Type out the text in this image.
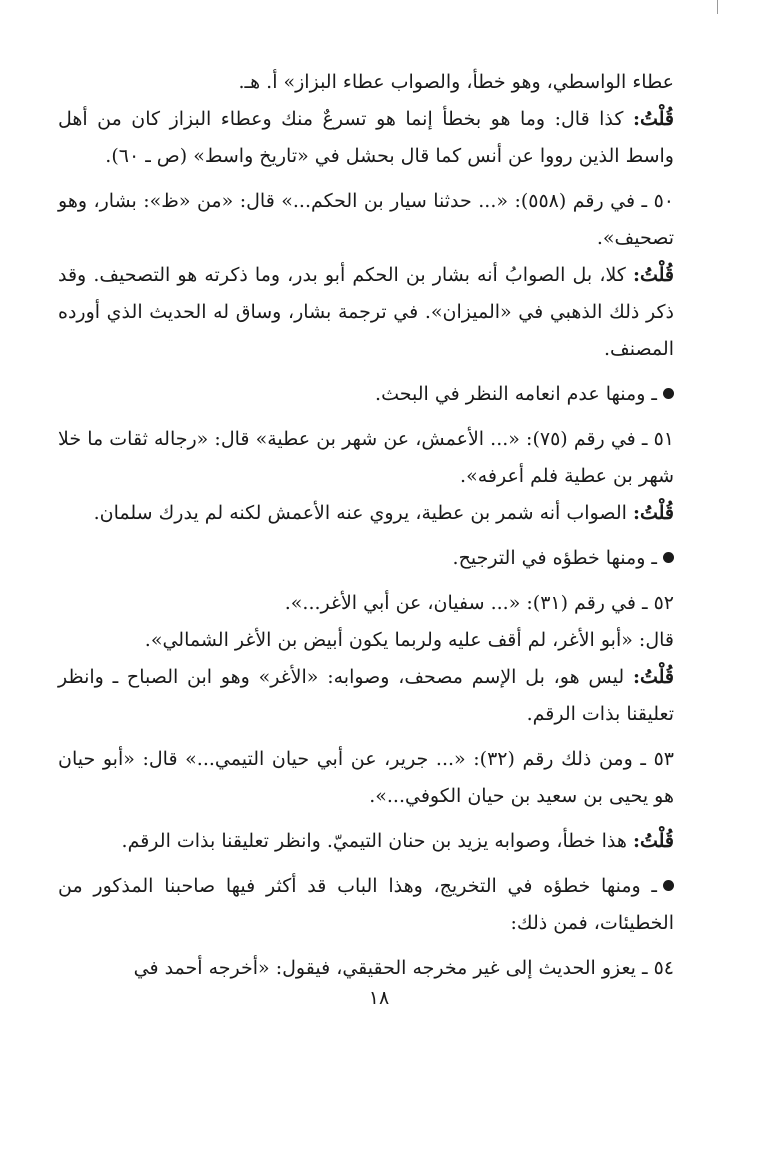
عطاء الواسطي، وهو خطأ، والصواب عطاء البزاز» أ. هـ.

قُلْتُ: كذا قال: وما هو بخطأ إنما هو تسرعٌ منك وعطاء البزاز كان من أهل واسط الذين رووا عن أنس كما قال بحشل في «تاريخ واسط» (ص ـ ٦٠).

٥٠ ـ في رقم (٥٥٨): «... حدثنا سيار بن الحكم...» قال: «من «ظ»: بشار، وهو تصحيف».

قُلْتُ: كلا، بل الصوابُ أنه بشار بن الحكم أبو بدر، وما ذكرته هو التصحيف. وقد ذكر ذلك الذهبي في «الميزان». في ترجمة بشار، وساق له الحديث الذي أورده المصنف.

ـ ومنها عدم انعامه النظر في البحث.

٥١ ـ في رقم (٧٥): «... الأعمش، عن شهر بن عطية» قال: «رجاله ثقات ما خلا شهر بن عطية فلم أعرفه».

قُلْتُ: الصواب أنه شمر بن عطية، يروي عنه الأعمش لكنه لم يدرك سلمان.

ـ ومنها خطؤه في الترجيح.

٥٢ ـ في رقم (٣١): «... سفيان، عن أبي الأغر...».

قال: «أبو الأغر، لم أقف عليه ولربما يكون أبيض بن الأغر الشمالي».

قُلْتُ: ليس هو، بل الإسم مصحف، وصوابه: «الأغر» وهو ابن الصباح ـ وانظر تعليقنا بذات الرقم.

٥٣ ـ ومن ذلك رقم (٣٢): «... جرير، عن أبي حيان التيمي...» قال: «أبو حيان هو يحيى بن سعيد بن حيان الكوفي...».

قُلْتُ: هذا خطأ، وصوابه يزيد بن حنان التيميّ. وانظر تعليقنا بذات الرقم.

ـ ومنها خطؤه في التخريج، وهذا الباب قد أكثر فيها صاحبنا المذكور من الخطيئات، فمن ذلك:

٥٤ ـ يعزو الحديث إلى غير مخرجه الحقيقي، فيقول: «أخرجه أحمد في

١٨
